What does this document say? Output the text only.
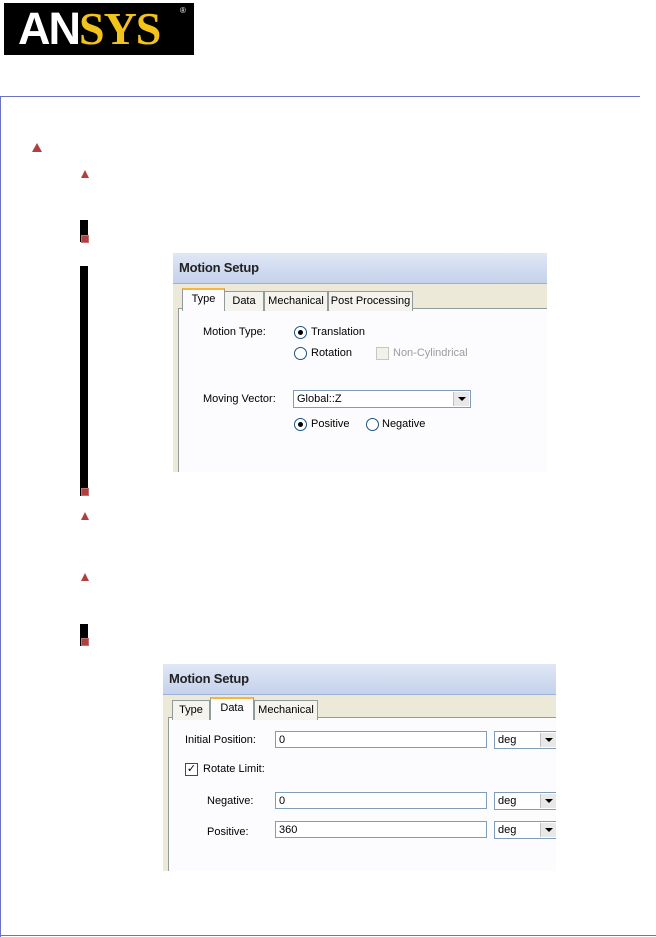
ANSYS ®
Motion Setup
Type	Data	Mechanical Post Processing
Motion Type:	Translation
Rotation	Non-Cylindrical
Moving Vector:	Global::Z
Positive	Negative
Motion Setup
Type	Data	Mechanical
Initial Position:	0	deg
✓ Rotate Limit:
Negative:	0	deg
Positive:	360	deg
